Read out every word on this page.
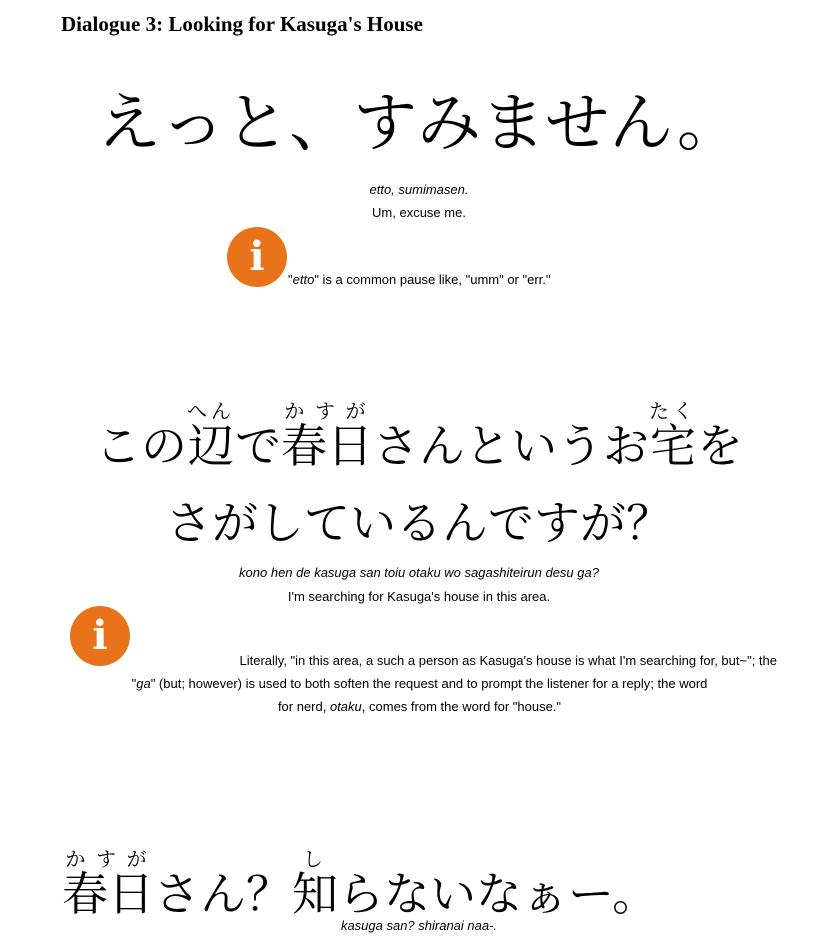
Dialogue 3: Looking for Kasuga's House
えっと、すみません。
etto, sumimasen.
Um, excuse me.
i	"etto" is a common pause like, "umm" or "err."
この辺へんで春日かすがさんというお宅たくを
さがしているんですが？
kono hen de kasuga san toiu otaku wo sagashiteirun desu ga?
I'm searching for Kasuga's house in this area.
i
Literally, "in this area, a such a person as Kasuga's house is what I'm searching for, but~"; the
"ga" (but; however) is used to both soften the request and to prompt the listener for a reply; the word
for nerd, otaku, comes from the word for "house."
春日かすがさん？知しらないなぁー。
kasuga san? shiranai naa-.
